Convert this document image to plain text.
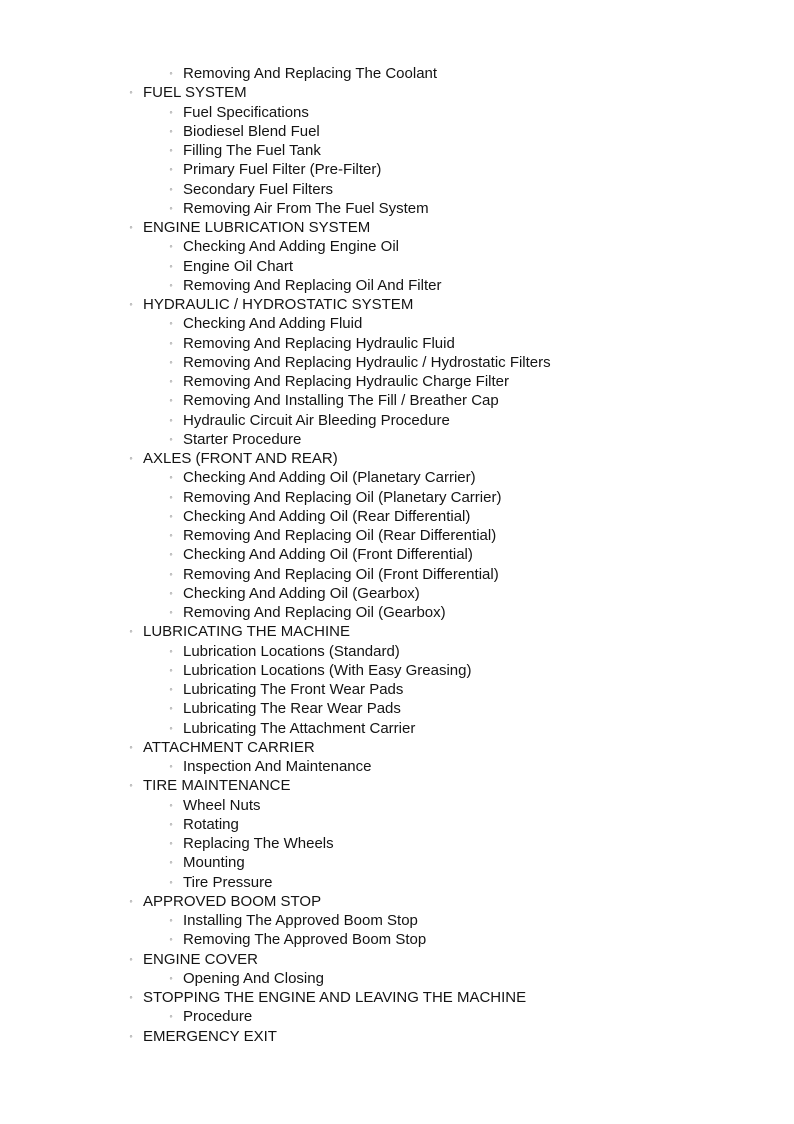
◦ Removing And Replacing The Coolant
◦ FUEL SYSTEM
◦ Fuel Specifications
◦ Biodiesel Blend Fuel
◦ Filling The Fuel Tank
◦ Primary Fuel Filter (Pre-Filter)
◦ Secondary Fuel Filters
◦ Removing Air From The Fuel System
◦ ENGINE LUBRICATION SYSTEM
◦ Checking And Adding Engine Oil
◦ Engine Oil Chart
◦ Removing And Replacing Oil And Filter
◦ HYDRAULIC / HYDROSTATIC SYSTEM
◦ Checking And Adding Fluid
◦ Removing And Replacing Hydraulic Fluid
◦ Removing And Replacing Hydraulic / Hydrostatic Filters
◦ Removing And Replacing Hydraulic Charge Filter
◦ Removing And Installing The Fill / Breather Cap
◦ Hydraulic Circuit Air Bleeding Procedure
◦ Starter Procedure
◦ AXLES (FRONT AND REAR)
◦ Checking And Adding Oil (Planetary Carrier)
◦ Removing And Replacing Oil (Planetary Carrier)
◦ Checking And Adding Oil (Rear Differential)
◦ Removing And Replacing Oil (Rear Differential)
◦ Checking And Adding Oil (Front Differential)
◦ Removing And Replacing Oil (Front Differential)
◦ Checking And Adding Oil (Gearbox)
◦ Removing And Replacing Oil (Gearbox)
◦ LUBRICATING THE MACHINE
◦ Lubrication Locations (Standard)
◦ Lubrication Locations (With Easy Greasing)
◦ Lubricating The Front Wear Pads
◦ Lubricating The Rear Wear Pads
◦ Lubricating The Attachment Carrier
◦ ATTACHMENT CARRIER
◦ Inspection And Maintenance
◦ TIRE MAINTENANCE
◦ Wheel Nuts
◦ Rotating
◦ Replacing The Wheels
◦ Mounting
◦ Tire Pressure
◦ APPROVED BOOM STOP
◦ Installing The Approved Boom Stop
◦ Removing The Approved Boom Stop
◦ ENGINE COVER
◦ Opening And Closing
◦ STOPPING THE ENGINE AND LEAVING THE MACHINE
◦ Procedure
◦ EMERGENCY EXIT
